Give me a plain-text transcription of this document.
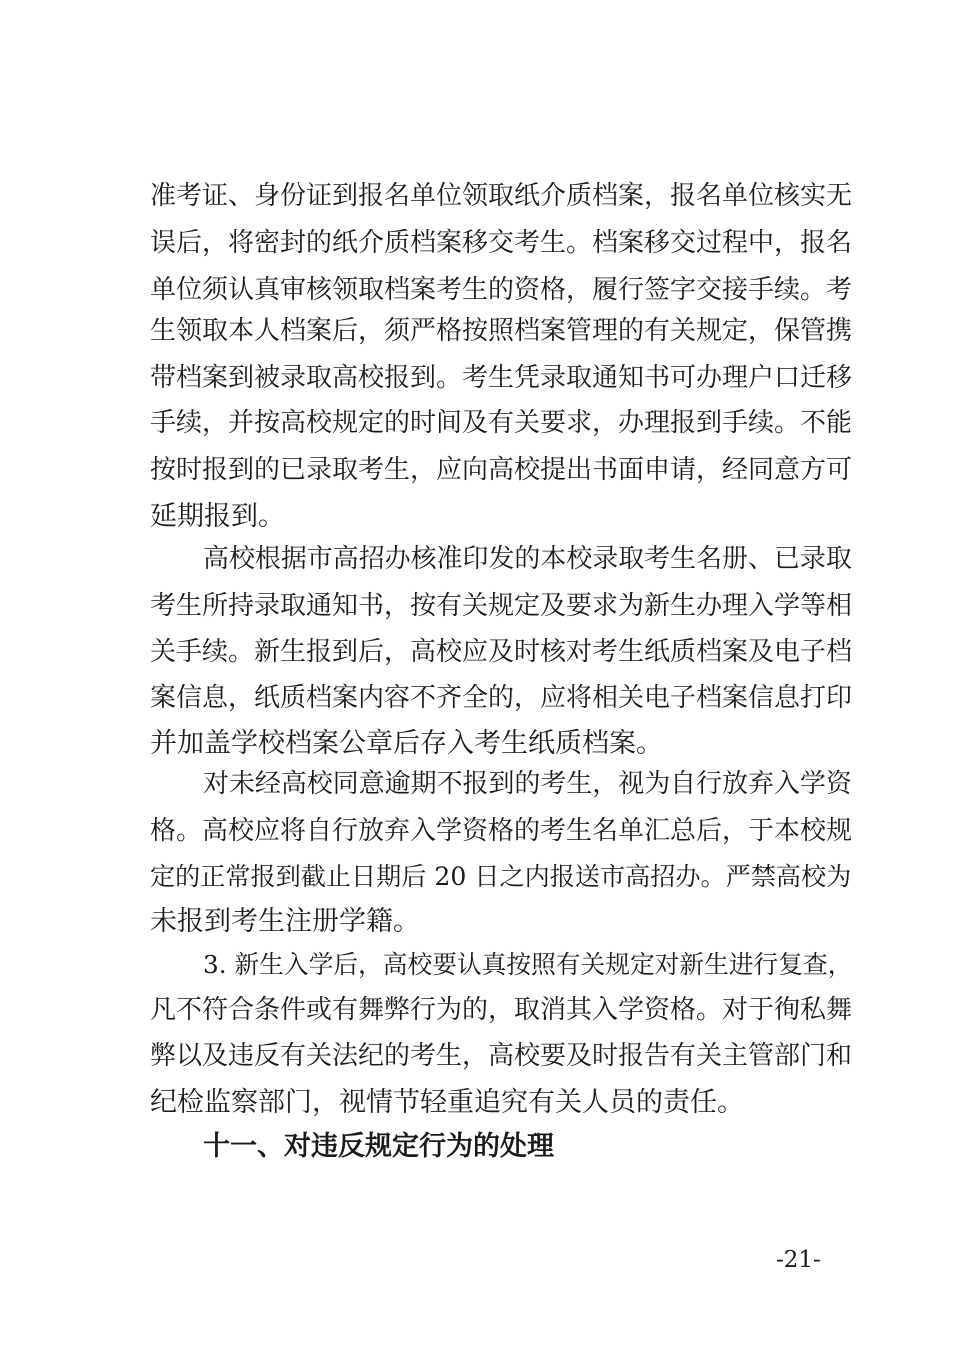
准考证、身份证到报名单位领取纸介质档案，报名单位核实无
误后，将密封的纸介质档案移交考生。档案移交过程中，报名
单位须认真审核领取档案考生的资格，履行签字交接手续。考
生领取本人档案后，须严格按照档案管理的有关规定，保管携
带档案到被录取高校报到。考生凭录取通知书可办理户口迁移
手续，并按高校规定的时间及有关要求，办理报到手续。不能
按时报到的已录取考生，应向高校提出书面申请，经同意方可
延期报到。
高校根据市高招办核准印发的本校录取考生名册、已录取
考生所持录取通知书，按有关规定及要求为新生办理入学等相
关手续。新生报到后，高校应及时核对考生纸质档案及电子档
案信息，纸质档案内容不齐全的，应将相关电子档案信息打印
并加盖学校档案公章后存入考生纸质档案。
对未经高校同意逾期不报到的考生，视为自行放弃入学资
格。高校应将自行放弃入学资格的考生名单汇总后，于本校规
定的正常报到截止日期后 20 日之内报送市高招办。严禁高校为
未报到考生注册学籍。
3. 新生入学后，高校要认真按照有关规定对新生进行复查，
凡不符合条件或有舞弊行为的，取消其入学资格。对于徇私舞
弊以及违反有关法纪的考生，高校要及时报告有关主管部门和
纪检监察部门，视情节轻重追究有关人员的责任。
十一、对违反规定行为的处理
-21-
